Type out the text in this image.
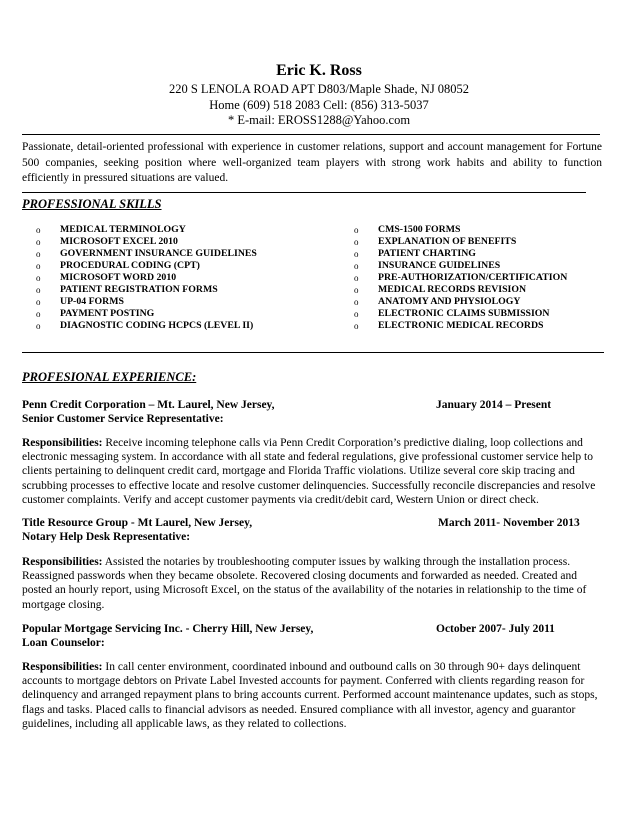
Eric K. Ross
220 S LENOLA ROAD APT D803/Maple Shade, NJ 08052
Home (609) 518 2083 Cell: (856) 313-5037
* E-mail: EROSS1288@Yahoo.com
Passionate, detail-oriented professional with experience in customer relations, support and account management for Fortune 500 companies, seeking position where well-organized team players with strong work habits and ability to function efficiently in pressured situations are valued.
PROFESSIONAL SKILLS
o MEDICAL TERMINOLOGY
o MICROSOFT EXCEL 2010
o GOVERNMENT INSURANCE GUIDELINES
o PROCEDURAL CODING (CPT)
o MICROSOFT WORD 2010
o PATIENT REGISTRATION FORMS
o UP-04 FORMS
o PAYMENT POSTING
o DIAGNOSTIC CODING HCPCS (LEVEL II)
o CMS-1500 FORMS
o EXPLANATION OF BENEFITS
o PATIENT CHARTING
o INSURANCE GUIDELINES
o PRE-AUTHORIZATION/CERTIFICATION
o MEDICAL RECORDS REVISION
o ANATOMY AND PHYSIOLOGY
o ELECTRONIC CLAIMS SUBMISSION
o ELECTRONIC MEDICAL RECORDS
PROFESIONAL EXPERIENCE:
Penn Credit Corporation – Mt. Laurel, New Jersey,	January 2014 – Present
Senior Customer Service Representative:
Responsibilities: Receive incoming telephone calls via Penn Credit Corporation’s predictive dialing, loop collections and electronic messaging system. In accordance with all state and federal regulations, give professional customer service help to clients pertaining to delinquent credit card, mortgage and Florida Traffic violations. Utilize several core skip tracing and scrubbing processes to effective locate and resolve customer delinquencies. Successfully reconcile discrepancies and resolve customer complaints. Verify and accept customer payments via credit/debit card, Western Union or direct check.
Title Resource Group - Mt Laurel, New Jersey,	March 2011- November 2013
Notary Help Desk Representative:
Responsibilities: Assisted the notaries by troubleshooting computer issues by walking through the installation process. Reassigned passwords when they became obsolete. Recovered closing documents and forwarded as needed. Created and posted an hourly report, using Microsoft Excel, on the status of the availability of the notaries in relationship to the time of mortgage closing.
Popular Mortgage Servicing Inc. - Cherry Hill, New Jersey,	October 2007- July 2011
Loan Counselor:
Responsibilities: In call center environment, coordinated inbound and outbound calls on 30 through 90+ days delinquent accounts to mortgage debtors on Private Label Invested accounts for payment. Conferred with clients regarding reason for delinquency and arranged repayment plans to bring accounts current. Performed account maintenance updates, such as stops, flags and tasks. Placed calls to financial advisors as needed. Ensured compliance with all investor, agency and guarantor guidelines, including all applicable laws, as they related to collections.
